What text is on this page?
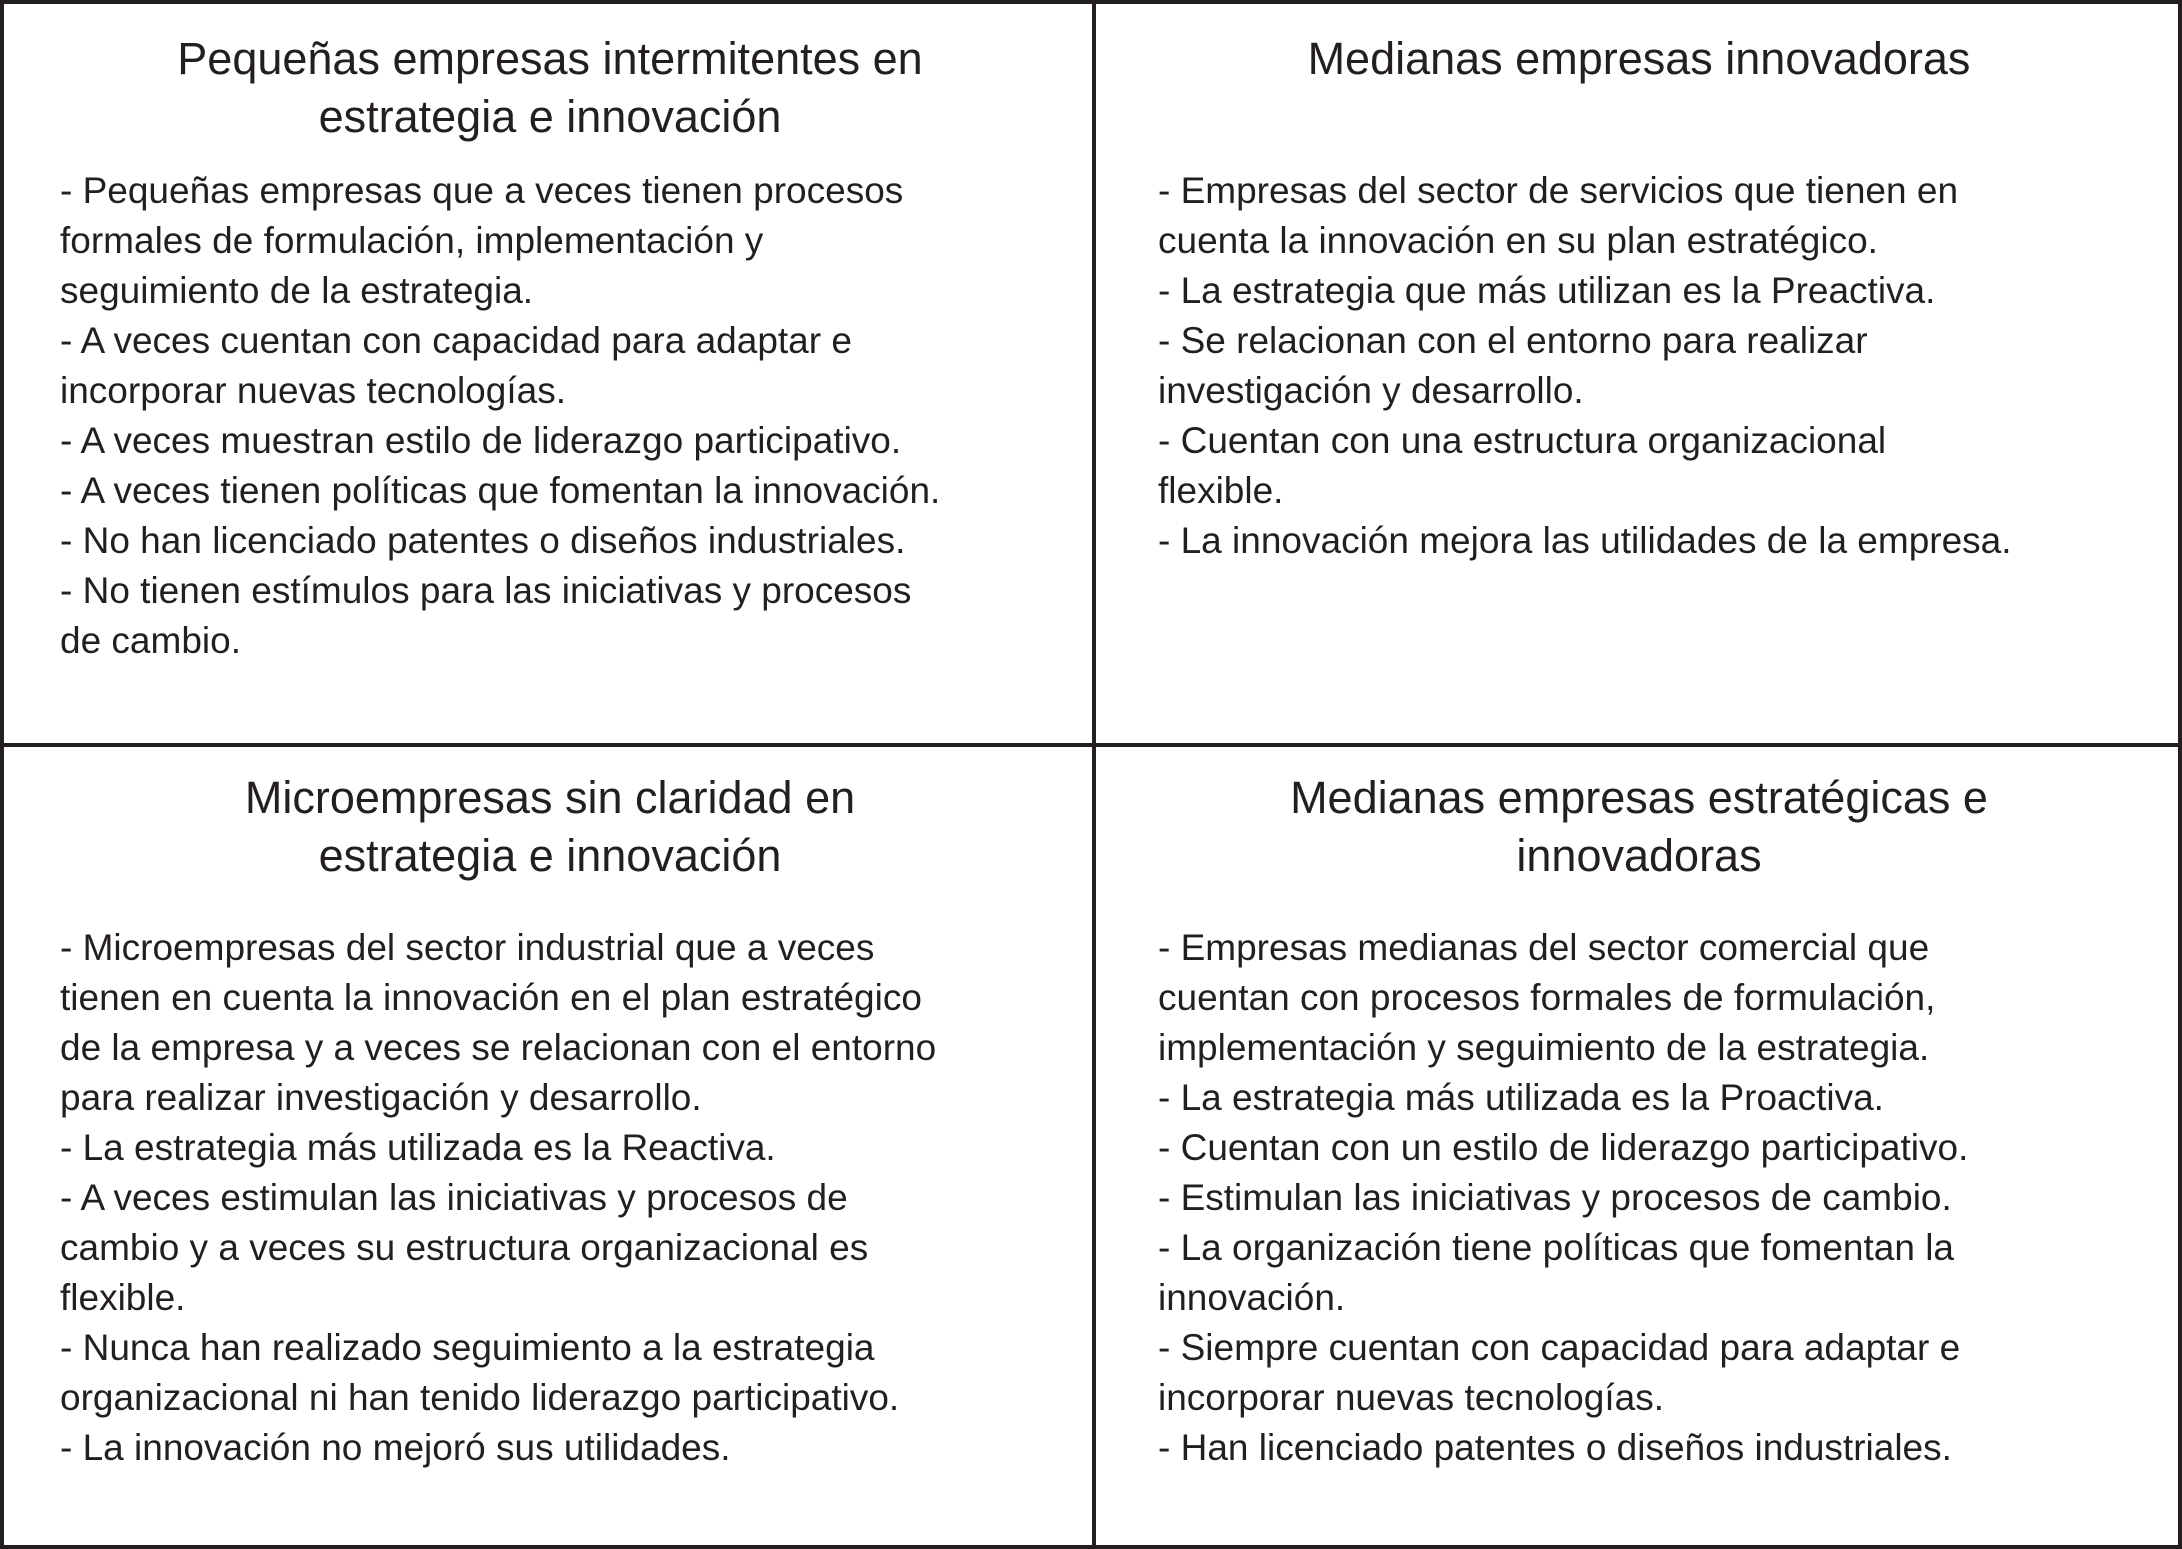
Pequeñas empresas intermitentes en
estrategia e innovación
- Pequeñas empresas que a veces tienen procesos
formales de formulación, implementación y
seguimiento de la estrategia.
- A veces cuentan con capacidad para adaptar e
incorporar nuevas tecnologías.
- A veces muestran estilo de liderazgo participativo.
- A veces tienen políticas que fomentan la innovación.
- No han licenciado patentes o diseños industriales.
- No tienen estímulos para las iniciativas y procesos
de cambio.
Medianas empresas innovadoras
- Empresas del sector de servicios que tienen en
cuenta la innovación en su plan estratégico.
- La estrategia que más utilizan es la Preactiva.
- Se relacionan con el entorno para realizar
investigación y desarrollo.
- Cuentan con una estructura organizacional
flexible.
- La innovación mejora las utilidades de la empresa.
Microempresas sin claridad en
estrategia e innovación
- Microempresas del sector industrial que a veces
tienen en cuenta la innovación en el plan estratégico
de la empresa y a veces se relacionan con el entorno
para realizar investigación y desarrollo.
- La estrategia más utilizada es la Reactiva.
- A veces estimulan las iniciativas y procesos de
cambio y a veces su estructura organizacional es
flexible.
- Nunca han realizado seguimiento a la estrategia
organizacional ni han tenido liderazgo participativo.
- La innovación no mejoró sus utilidades.
Medianas empresas estratégicas e
innovadoras
- Empresas medianas del sector comercial que
cuentan con procesos formales de formulación,
implementación y seguimiento de la estrategia.
- La estrategia más utilizada es la Proactiva.
- Cuentan con un estilo de liderazgo participativo.
- Estimulan las iniciativas y procesos de cambio.
- La organización tiene políticas que fomentan la
innovación.
- Siempre cuentan con capacidad para adaptar e
incorporar nuevas tecnologías.
- Han licenciado patentes o diseños industriales.
